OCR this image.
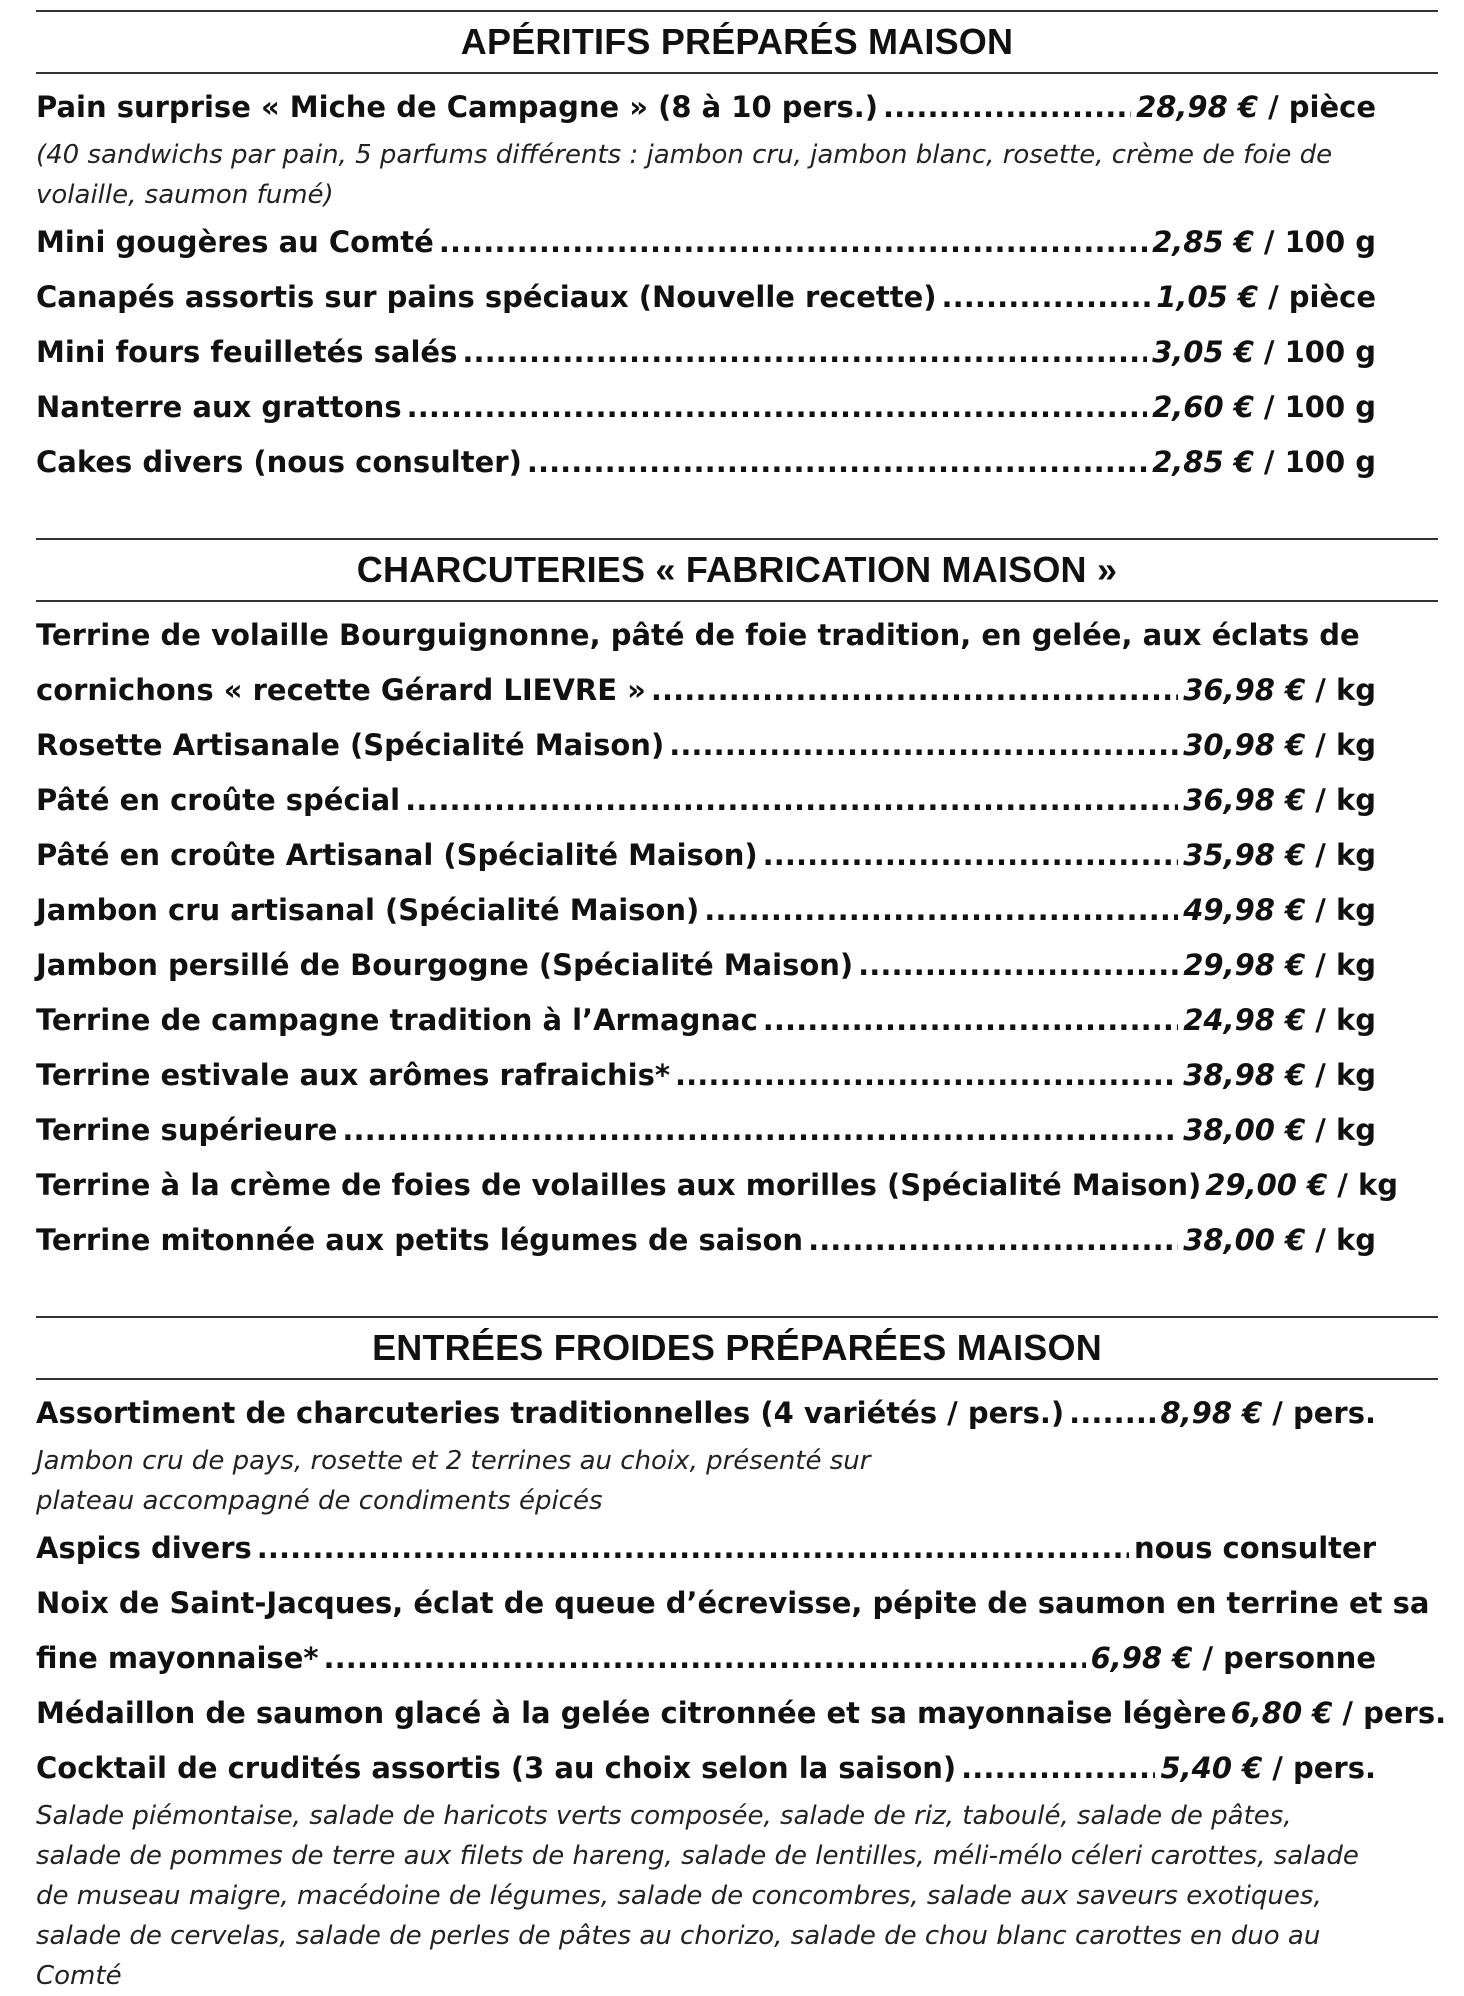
APÉRITIFS PRÉPARÉS MAISON
Pain surprise « Miche de Campagne » (8 à 10 pers.) . . .	28,98 € / pièce
(40 sandwichs par pain, 5 parfums différents : jambon cru, jambon blanc, rosette, crème de foie de volaille, saumon fumé)
Mini gougères au Comté . . .	2,85 € / 100 g
Canapés assortis sur pains spéciaux (Nouvelle recette) . . .	1,05 € / pièce
Mini fours feuilletés salés . . .	3,05 € / 100 g
Nanterre aux grattons . . .	2,60 € / 100 g
Cakes divers (nous consulter) . . .	2,85 € / 100 g
CHARCUTERIES « FABRICATION MAISON »
Terrine de volaille Bourguignonne, pâté de foie tradition, en gelée, aux éclats de
cornichons « recette Gérard LIEVRE » . . .	36,98 € / kg
Rosette Artisanale (Spécialité Maison) . . .	30,98 € / kg
Pâté en croûte spécial . . .	36,98 € / kg
Pâté en croûte Artisanal (Spécialité Maison) . . .	35,98 € / kg
Jambon cru artisanal (Spécialité Maison) . . .	49,98 € / kg
Jambon persillé de Bourgogne (Spécialité Maison) . . .	29,98 € / kg
Terrine de campagne tradition à l’Armagnac . . .	24,98 € / kg
Terrine estivale aux arômes rafraichis* . . .	38,98 € / kg
Terrine supérieure . . .	38,00 € / kg
Terrine à la crème de foies de volailles aux morilles (Spécialité Maison) 29,00 € / kg
Terrine mitonnée aux petits légumes de saison . . .	38,00 € / kg
ENTRÉES FROIDES PRÉPARÉES MAISON
Assortiment de charcuteries traditionnelles (4 variétés / pers.) . . .	8,98 € / pers.
Jambon cru de pays, rosette et 2 terrines au choix, présenté sur plateau accompagné de condiments épicés
Aspics divers . . .	nous consulter
Noix de Saint-Jacques, éclat de queue d’écrevisse, pépite de saumon en terrine et sa
fine mayonnaise* . . .	6,98 € / personne
Médaillon de saumon glacé à la gelée citronnée et sa mayonnaise légère 6,80 € / pers.
Cocktail de crudités assortis (3 au choix selon la saison) . . .	5,40 € / pers.
Salade piémontaise, salade de haricots verts composée, salade de riz, taboulé, salade de pâtes, salade de pommes de terre aux filets de hareng, salade de lentilles, méli-mélo céleri carottes, salade de museau maigre, macédoine de légumes, salade de concombres, salade aux saveurs exotiques, salade de cervelas, salade de perles de pâtes au chorizo, salade de chou blanc carottes en duo au Comté
